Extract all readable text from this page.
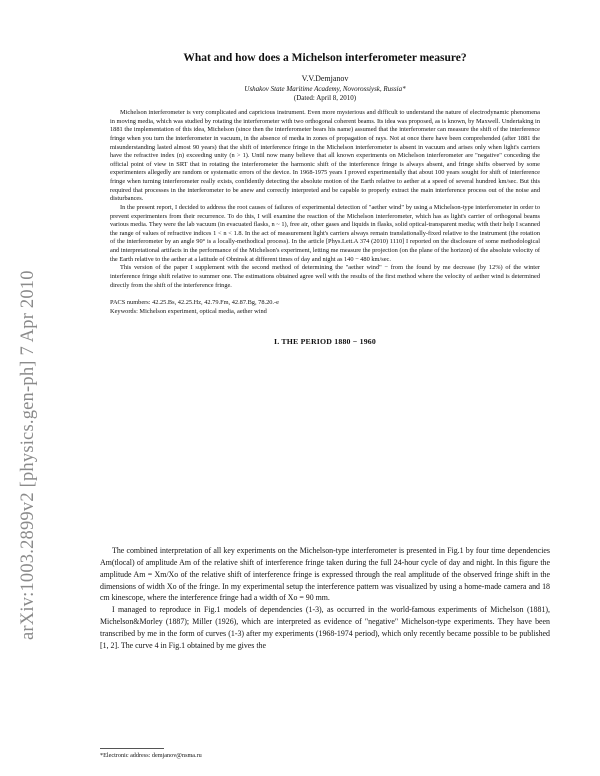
arXiv:1003.2899v2 [physics.gen-ph] 7 Apr 2010
What and how does a Michelson interferometer measure?
V.V.Demjanov
Ushakov State Maritime Academy, Novorossiysk, Russia*
(Dated: April 8, 2010)

Michelson interferometer is very complicated and capricious instrument. Even more mysterious and difficult to understand the nature of electrodynamic phenomena in moving media, which was studied by rotating the interferometer with two orthogonal coherent beams. Its idea was proposed, as is known, by Maxwell. Undertaking in 1881 the implementation of this idea, Michelson (since then the interferometer bears his name) assumed that the interferometer can measure the shift of the interference fringe when you turn the interferometer in vacuum, in the absence of media in zones of propagation of rays. Not at once there have been comprehended (after 1881 the misunderstanding lasted almost 90 years) that the shift of interference fringe in the Michelson interferometer is absent in vacuum and arises only when light's carriers have the refractive index (n) exceeding unity (n > 1). Until now many believe that all known experiments on Michelson interferometer are "negative" conceding the official point of view in SRT that in rotating the interferometer the harmonic shift of the interference fringe is always absent, and fringe shifts observed by some experimenters allegedly are random or systematic errors of the device. In 1968-1975 years I proved experimentally that about 100 years sought for shift of interference fringe when turning interferometer really exists, confidently detecting the absolute motion of the Earth relative to aether at a speed of several hundred km/sec. But this required that processes in the interferometer to be anew and correctly interpreted and be capable to properly extract the main interference process out of the noise and disturbances.

In the present report, I decided to address the root causes of failures of experimental detection of "aether wind" by using a Michelson-type interferometer in order to prevent experimenters from their recurrence. To do this, I will examine the reaction of the Michelson interferometer, which has as light's carrier of orthogonal beams various media. They were the lab vacuum (in evacuated flasks, n ~ 1), free air, other gases and liquids in flasks, solid optical-transparent media; with their help I scanned the range of values of refractive indices 1 < n < 1.8. In the act of measurement light's carriers always remain translationally-fixed relative to the instrument (the rotation of the interferometer by an angle 90° is a locally-methodical process). In the article [Phys.Lett.A 374 (2010) 1110] I reported on the disclosure of some methodological and interpretational artifacts in the performance of the Michelson's experiment, letting me measure the projection (on the plane of the horizon) of the absolute velocity of the Earth relative to the aether at a latitude of Obninsk at different times of day and night as 140 − 480 km/sec.

This version of the paper I supplement with the second method of determining the "aether wind" − from the found by me decrease (by 12%) of the winter interference fringe shift relative to summer one. The estimations obtained agree well with the results of the first method where the velocity of aether wind is determined directly from the shift of the interference fringe.

PACS numbers: 42.25.Bs, 42.25.Hz, 42.79.Fm, 42.87.Bg, 78.20.-e
Keywords: Michelson experiment, optical media, aether wind
I. THE PERIOD 1880 − 1960

The combined interpretation of all key experiments on the Michelson-type interferometer is presented in Fig.1 by four time dependencies Am(tlocal) of amplitude Am of the relative shift of interference fringe taken during the full 24-hour cycle of day and night. In this figure the amplitude Am = Xm/Xo of the relative shift of interference fringe is expressed through the real amplitude of the observed fringe shift in the dimensions of width Xo of the fringe. In my experimental setup the interference pattern was visualized by using a home-made camera and 18 cm kinescope, where the interference fringe had a width of Xo = 90 mm.

I managed to reproduce in Fig.1 models of dependencies (1-3), as occurred in the world-famous experiments of Michelson (1881), Michelson&Morley (1887); Miller (1926), which are interpreted as evidence of "negative" Michelson-type experiments. They have been transcribed by me in the form of curves (1-3) after my experiments (1968-1974 period), which only recently became possible to be published [1, 2]. The curve 4 in Fig.1 obtained by me gives the

*Electronic address: demjanov@nsma.ru
